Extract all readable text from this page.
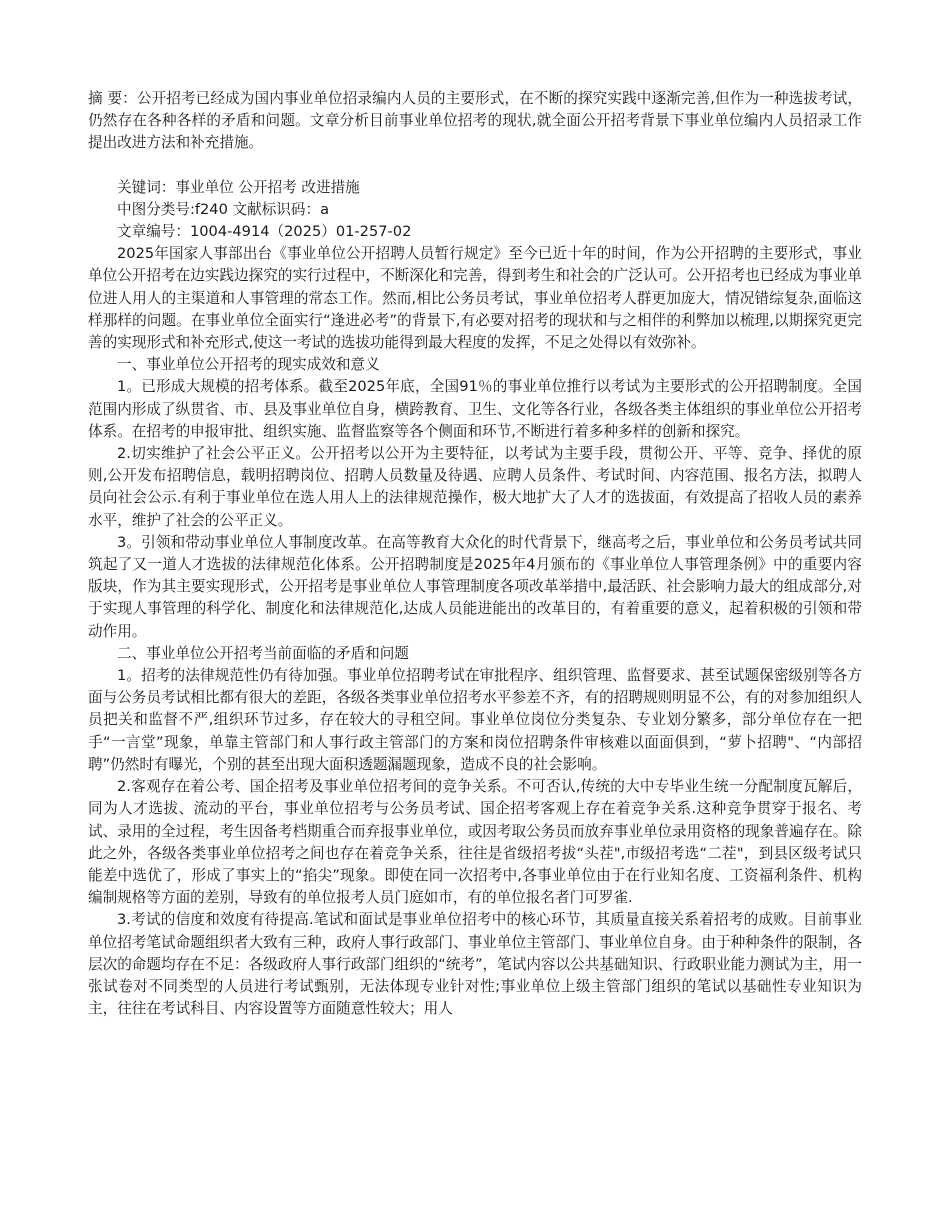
摘 要：公开招考已经成为国内事业单位招录编内人员的主要形式，在不断的探究实践中逐渐完善,但作为一种选拔考试，仍然存在各种各样的矛盾和问题。文章分析目前事业单位招考的现状,就全面公开招考背景下事业单位编内人员招录工作提出改进方法和补充措施。

关键词：事业单位 公开招考 改进措施

中图分类号:f240 文献标识码：a

文章编号：1004-4914（2025）01-257-02

2025年国家人事部出台《事业单位公开招聘人员暂行规定》至今已近十年的时间，作为公开招聘的主要形式，事业单位公开招考在边实践边探究的实行过程中，不断深化和完善，得到考生和社会的广泛认可。公开招考也已经成为事业单位进人用人的主渠道和人事管理的常态工作。然而,相比公务员考试，事业单位招考人群更加庞大，情况错综复杂,面临这样那样的问题。在事业单位全面实行“逢进必考”的背景下,有必要对招考的现状和与之相伴的利弊加以梳理,以期探究更完善的实现形式和补充形式,使这一考试的选拔功能得到最大程度的发挥，不足之处得以有效弥补。

一、事业单位公开招考的现实成效和意义

1。已形成大规模的招考体系。截至2025年底，全国91％的事业单位推行以考试为主要形式的公开招聘制度。全国范围内形成了纵贯省、市、县及事业单位自身，横跨教育、卫生、文化等各行业，各级各类主体组织的事业单位公开招考体系。在招考的申报审批、组织实施、监督监察等各个侧面和环节,不断进行着多种多样的创新和探究。

2.切实维护了社会公平正义。公开招考以公开为主要特征，以考试为主要手段，贯彻公开、平等、竞争、择优的原则,公开发布招聘信息，载明招聘岗位、招聘人员数量及待遇、应聘人员条件、考试时间、内容范围、报名方法，拟聘人员向社会公示.有利于事业单位在选人用人上的法律规范操作，极大地扩大了人才的选拔面，有效提高了招收人员的素养水平，维护了社会的公平正义。

3。引领和带动事业单位人事制度改革。在高等教育大众化的时代背景下，继高考之后，事业单位和公务员考试共同筑起了又一道人才选拔的法律规范化体系。公开招聘制度是2025年4月颁布的《事业单位人事管理条例》中的重要内容版块，作为其主要实现形式，公开招考是事业单位人事管理制度各项改革举措中,最活跃、社会影响力最大的组成部分,对于实现人事管理的科学化、制度化和法律规范化,达成人员能进能出的改革目的，有着重要的意义，起着积极的引领和带动作用。

二、事业单位公开招考当前面临的矛盾和问题

1。招考的法律规范性仍有待加强。事业单位招聘考试在审批程序、组织管理、监督要求、甚至试题保密级别等各方面与公务员考试相比都有很大的差距，各级各类事业单位招考水平参差不齐，有的招聘规则明显不公，有的对参加组织人员把关和监督不严,组织环节过多，存在较大的寻租空间。事业单位岗位分类复杂、专业划分繁多，部分单位存在一把手“一言堂”现象，单靠主管部门和人事行政主管部门的方案和岗位招聘条件审核难以面面俱到，“萝卜招聘"、“内部招聘”仍然时有曝光，个别的甚至出现大面积透题漏题现象，造成不良的社会影响。

2.客观存在着公考、国企招考及事业单位招考间的竞争关系。不可否认,传统的大中专毕业生统一分配制度瓦解后，同为人才选拔、流动的平台，事业单位招考与公务员考试、国企招考客观上存在着竞争关系.这种竞争贯穿于报名、考试、录用的全过程，考生因备考档期重合而弃报事业单位，或因考取公务员而放弃事业单位录用资格的现象普遍存在。除此之外，各级各类事业单位招考之间也存在着竞争关系，往往是省级招考拔“头茬",市级招考选“二茬"，到县区级考试只能差中选优了，形成了事实上的“掐尖”现象。即使在同一次招考中,各事业单位由于在行业知名度、工资福利条件、机构编制规格等方面的差别，导致有的单位报考人员门庭如市，有的单位报名者门可罗雀.

3.考试的信度和效度有待提高.笔试和面试是事业单位招考中的核心环节，其质量直接关系着招考的成败。目前事业单位招考笔试命题组织者大致有三种，政府人事行政部门、事业单位主管部门、事业单位自身。由于种种条件的限制，各层次的命题均存在不足：各级政府人事行政部门组织的“统考”，笔试内容以公共基础知识、行政职业能力测试为主，用一张试卷对不同类型的人员进行考试甄别，无法体现专业针对性;事业单位上级主管部门组织的笔试以基础性专业知识为主，往往在考试科目、内容设置等方面随意性较大；用人
